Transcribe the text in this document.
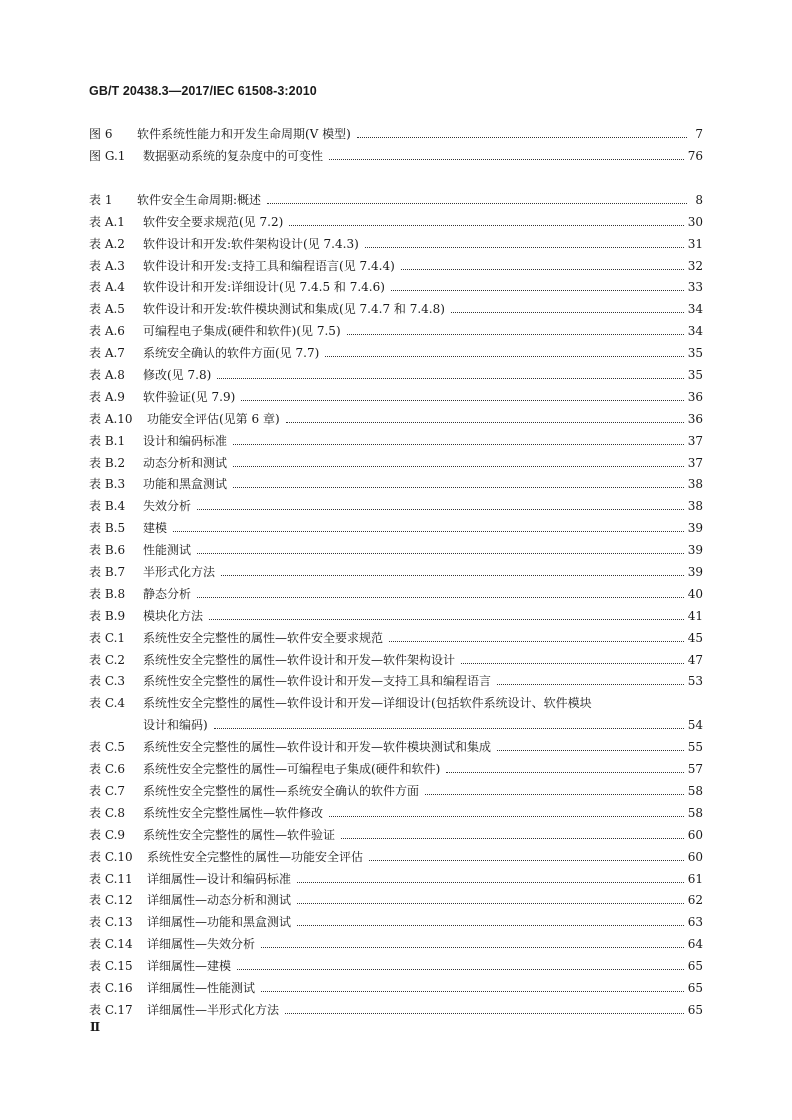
GB/T 20438.3—2017/IEC 61508-3:2010
图 6	软件系统性能力和开发生命周期(V 模型)	7
图 G.1	数据驱动系统的复杂度中的可变性	76
表 1	软件安全生命周期:概述	8
表 A.1	软件安全要求规范(见 7.2)	30
表 A.2	软件设计和开发:软件架构设计(见 7.4.3)	31
表 A.3	软件设计和开发:支持工具和编程语言(见 7.4.4)	32
表 A.4	软件设计和开发:详细设计(见 7.4.5 和 7.4.6)	33
表 A.5	软件设计和开发:软件模块测试和集成(见 7.4.7 和 7.4.8)	34
表 A.6	可编程电子集成(硬件和软件)(见 7.5)	34
表 A.7	系统安全确认的软件方面(见 7.7)	35
表 A.8	修改(见 7.8)	35
表 A.9	软件验证(见 7.9)	36
表 A.10	功能安全评估(见第 6 章)	36
表 B.1	设计和编码标准	37
表 B.2	动态分析和测试	37
表 B.3	功能和黑盒测试	38
表 B.4	失效分析	38
表 B.5	建模	39
表 B.6	性能测试	39
表 B.7	半形式化方法	39
表 B.8	静态分析	40
表 B.9	模块化方法	41
表 C.1	系统性安全完整性的属性—软件安全要求规范	45
表 C.2	系统性安全完整性的属性—软件设计和开发—软件架构设计	47
表 C.3	系统性安全完整性的属性—软件设计和开发—支持工具和编程语言	53
表 C.4	系统性安全完整性的属性—软件设计和开发—详细设计(包括软件系统设计、软件模块
设计和编码)	54
表 C.5	系统性安全完整性的属性—软件设计和开发—软件模块测试和集成	55
表 C.6	系统性安全完整性的属性—可编程电子集成(硬件和软件)	57
表 C.7	系统性安全完整性的属性—系统安全确认的软件方面	58
表 C.8	系统性安全完整性属性—软件修改	58
表 C.9	系统性安全完整性的属性—软件验证	60
表 C.10	系统性安全完整性的属性—功能安全评估	60
表 C.11	详细属性—设计和编码标准	61
表 C.12	详细属性—动态分析和测试	62
表 C.13	详细属性—功能和黑盒测试	63
表 C.14	详细属性—失效分析	64
表 C.15	详细属性—建模	65
表 C.16	详细属性—性能测试	65
表 C.17	详细属性—半形式化方法	65
Ⅱ
